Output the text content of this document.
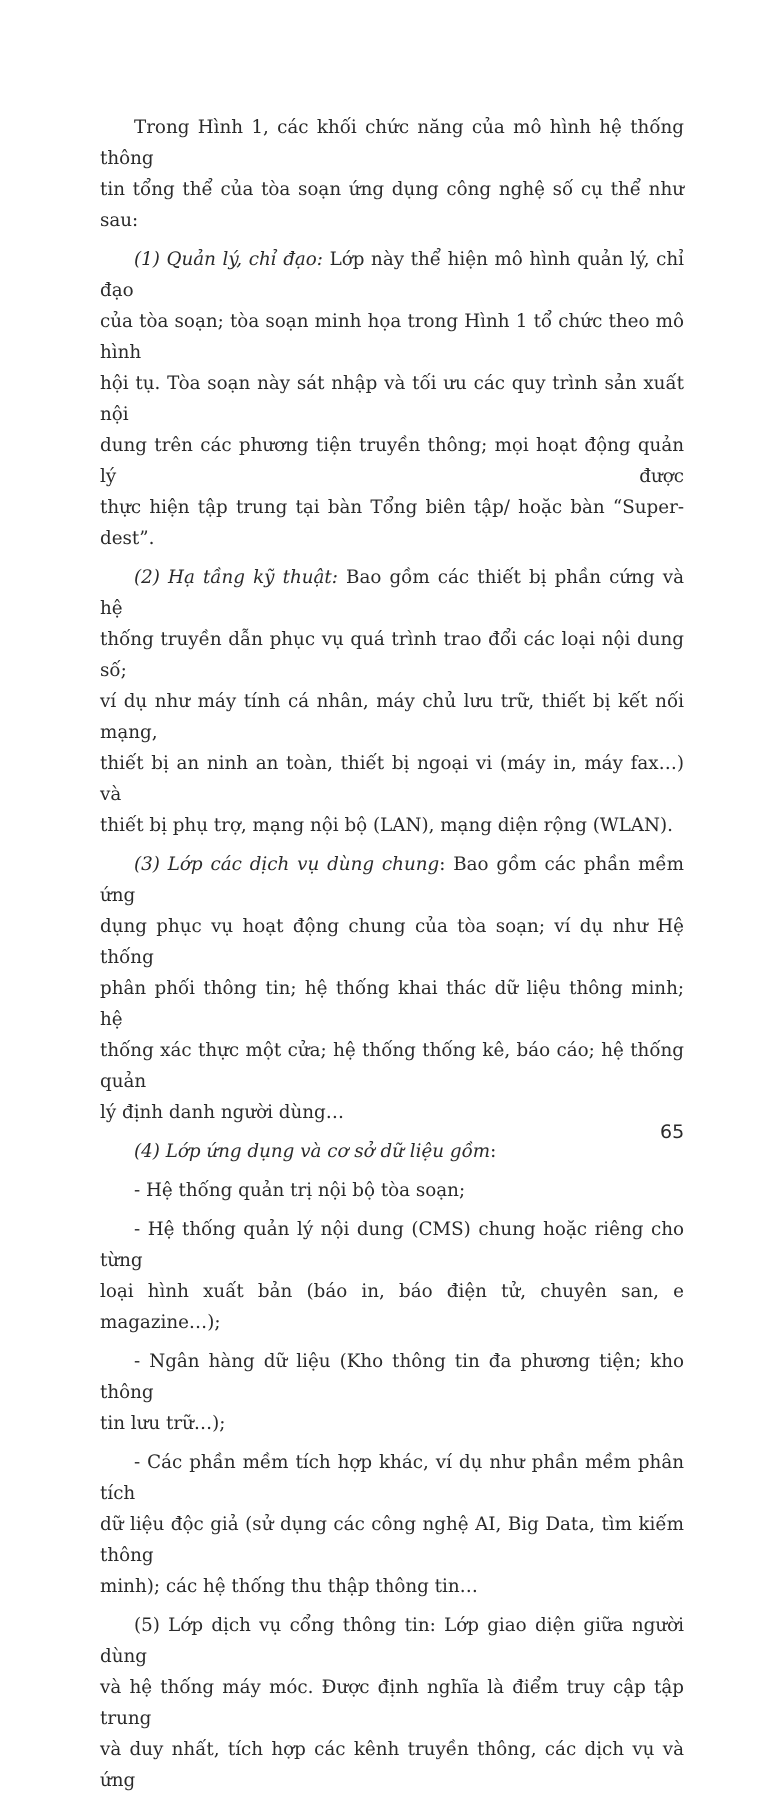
Trong Hình 1, các khối chức năng của mô hình hệ thống thông
tin tổng thể của tòa soạn ứng dụng công nghệ số cụ thể như sau:

(1) Quản lý, chỉ đạo: Lớp này thể hiện mô hình quản lý, chỉ đạo
của tòa soạn; tòa soạn minh họa trong Hình 1 tổ chức theo mô hình
hội tụ. Tòa soạn này sát nhập và tối ưu các quy trình sản xuất nội
dung trên các phương tiện truyền thông; mọi hoạt động quản lý được
thực hiện tập trung tại bàn Tổng biên tập/ hoặc bàn “Super-dest”.

(2) Hạ tầng kỹ thuật: Bao gồm các thiết bị phần cứng và hệ
thống truyền dẫn phục vụ quá trình trao đổi các loại nội dung số;
ví dụ như máy tính cá nhân, máy chủ lưu trữ, thiết bị kết nối mạng,
thiết bị an ninh an toàn, thiết bị ngoại vi (máy in, máy fax…) và
thiết bị phụ trợ, mạng nội bộ (LAN), mạng diện rộng (WLAN).

(3) Lớp các dịch vụ dùng chung: Bao gồm các phần mềm ứng
dụng phục vụ hoạt động chung của tòa soạn; ví dụ như Hệ thống
phân phối thông tin; hệ thống khai thác dữ liệu thông minh; hệ
thống xác thực một cửa; hệ thống thống kê, báo cáo; hệ thống quản
lý định danh người dùng…

(4) Lớp ứng dụng và cơ sở dữ liệu gồm:

- Hệ thống quản trị nội bộ tòa soạn;

- Hệ thống quản lý nội dung (CMS) chung hoặc riêng cho từng
loại hình xuất bản (báo in, báo điện tử, chuyên san, e magazine…);

- Ngân hàng dữ liệu (Kho thông tin đa phương tiện; kho thông
tin lưu trữ…);

- Các phần mềm tích hợp khác, ví dụ như phần mềm phân tích
dữ liệu độc giả (sử dụng các công nghệ AI, Big Data, tìm kiếm thông
minh); các hệ thống thu thập thông tin…

(5) Lớp dịch vụ cổng thông tin: Lớp giao diện giữa người dùng
và hệ thống máy móc. Được định nghĩa là điểm truy cập tập trung
và duy nhất, tích hợp các kênh truyền thông, các dịch vụ và ứng

65
